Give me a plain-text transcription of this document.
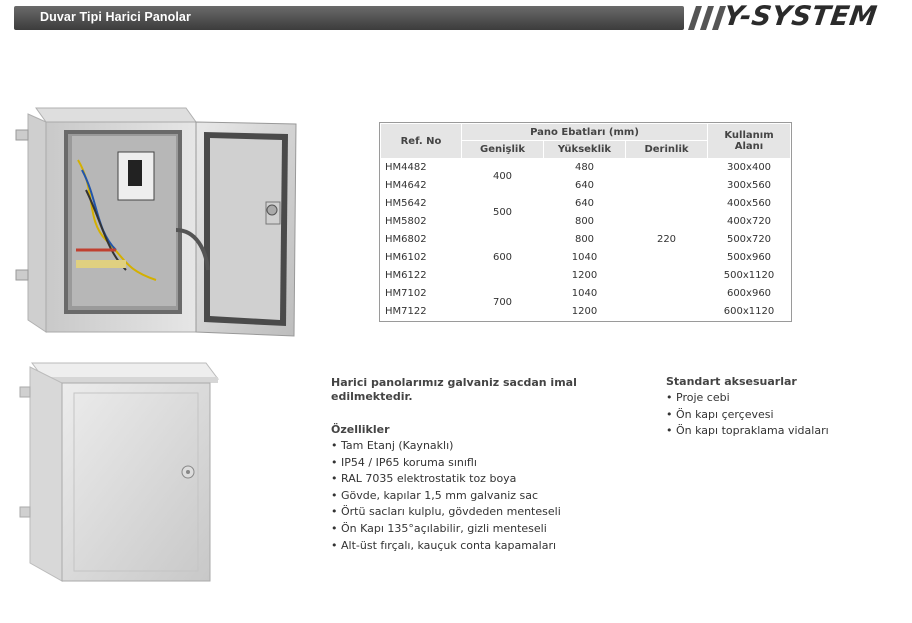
Duvar Tipi Harici Panolar	Y-SYSTEM
Ref. No	Pano Ebatları (mm)			Kullanım
Alanı

	Genişlik	Yükseklik	Derinlik	
HM4482	400	480	220	300x400
HM4642		640		300x560
HM5642	500	640		400x560
HM5802		800		400x720
HM6802	600	800		500x720
HM6102		1040		500x960
HM6122		1200		500x1120
HM7102	700	1040		600x960
HM7122		1200		600x1120
Harici panolarımız galvaniz sacdan imal edilmektedir.
Özellikler
• Tam Etanj (Kaynaklı)
• IP54 / IP65 koruma sınıflı
• RAL 7035 elektrostatik toz boya
• Gövde, kapılar 1,5 mm galvaniz sac
• Örtü sacları kulplu, gövdeden menteseli
• Ön Kapı 135°açılabilir, gizli menteseli
• Alt-üst fırçalı, kauçuk conta kapamaları
Standart aksesuarlar
• Proje cebi
• Ön kapı çerçevesi
• Ön kapı topraklama vidaları
